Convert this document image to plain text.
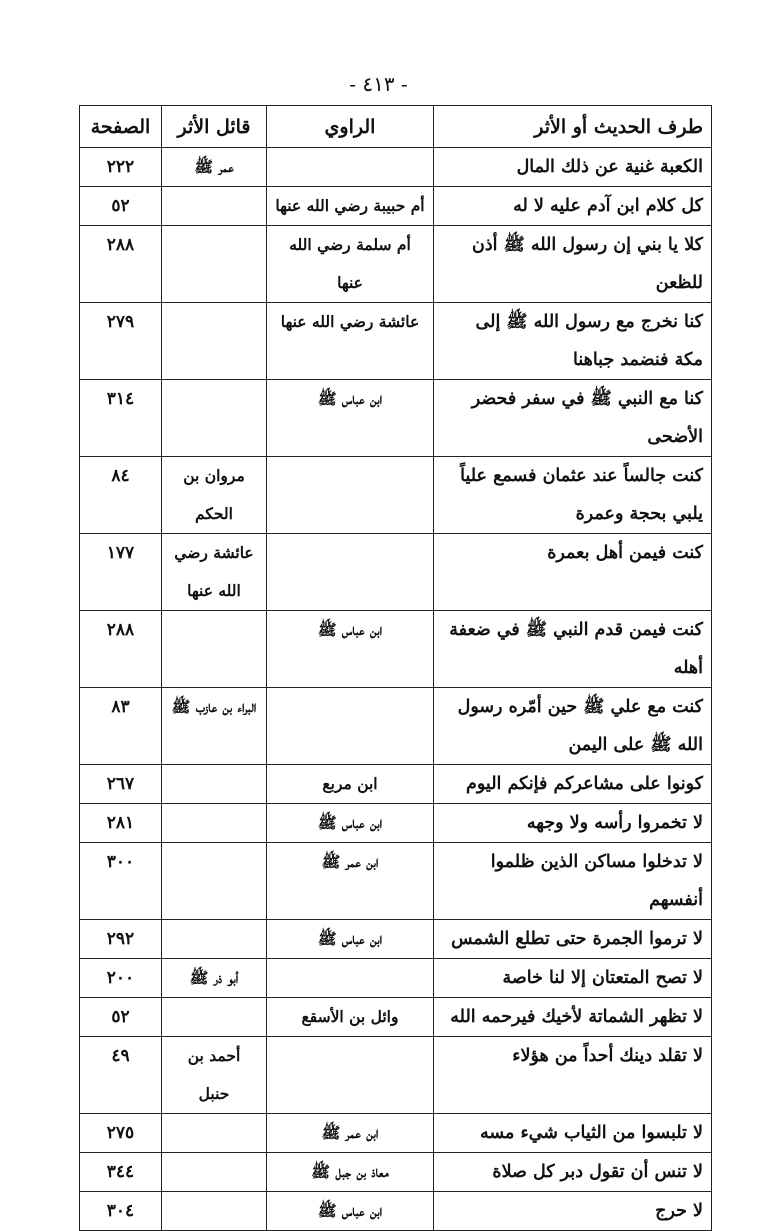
- ٤١٣ -
طرف الحديث أو الأثر	الراوي	قائل الأثر	الصفحة
الكعبة غنية عن ذلك المال		عمر ﷺ	٢٢٢
كل كلام ابن آدم عليه لا له	أم حبيبة رضي الله عنها		٥٢
كلا يا بني إن رسول الله ﷺ أذن للظعن	أم سلمة رضي الله عنها		٢٨٨
كنا نخرج مع رسول الله ﷺ إلى مكة فنضمد جباهنا	عائشة رضي الله عنها		٢٧٩
كنا مع النبي ﷺ في سفر فحضر الأضحى	ابن عباس ﷺ		٣١٤
كنت جالساً عند عثمان فسمع علياً يلبي بحجة وعمرة		مروان بن الحكم	٨٤
كنت فيمن أهل بعمرة		عائشة رضي الله عنها	١٧٧
كنت فيمن قدم النبي ﷺ في ضعفة أهله	ابن عباس ﷺ		٢٨٨
كنت مع علي ﷺ حين أمّره رسول الله ﷺ على اليمن		البراء بن عازب ﷺ	٨٣
كونوا على مشاعركم فإنكم اليوم	ابن مربع		٢٦٧
لا تخمروا رأسه ولا وجهه	ابن عباس ﷺ		٢٨١
لا تدخلوا مساكن الذين ظلموا أنفسهم	ابن عمر ﷺ		٣٠٠
لا ترموا الجمرة حتى تطلع الشمس	ابن عباس ﷺ		٢٩٢
لا تصح المتعتان إلا لنا خاصة		أبو ذر ﷺ	٢٠٠
لا تظهر الشماتة لأخيك فيرحمه الله	وائل بن الأسقع		٥٢
لا تقلد دينك أحداً من هؤلاء		أحمد بن حنبل	٤٩
لا تلبسوا من الثياب شيء مسه	ابن عمر ﷺ		٢٧٥
لا تنس أن تقول دبر كل صلاة	معاذ بن جبل ﷺ		٣٤٤
لا حرج	ابن عباس ﷺ		٣٠٤
